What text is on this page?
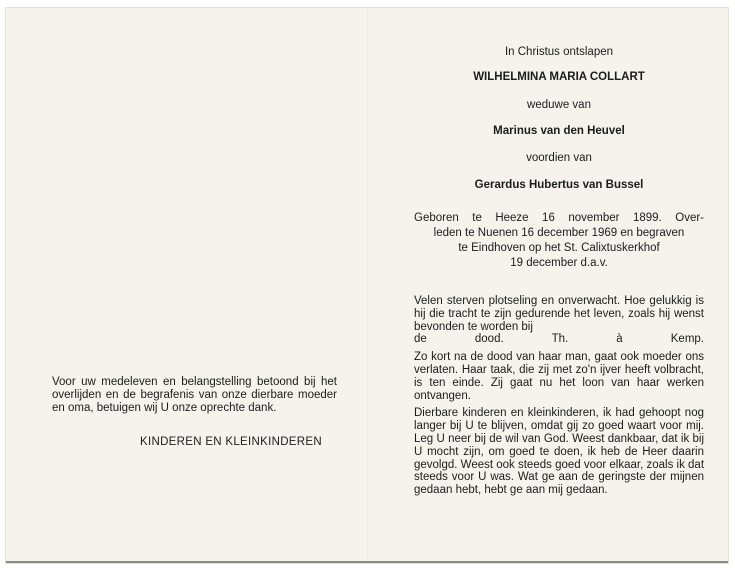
In Christus ontslapen
WILHELMINA MARIA COLLART
weduwe van
Marinus van den Heuvel
voordien van
Gerardus Hubertus van Bussel
Geboren te Heeze 16 november 1899. Over-
leden te Nuenen 16 december 1969 en begraven
te Eindhoven op het St. Calixtuskerkhof
19 december d.a.v.

Velen sterven plotseling en onverwacht. Hoe gelukkig is hij die tracht te zijn gedurende het leven, zoals hij wenst bevonden te worden bij
de dood.	Th. à Kemp.

Zo kort na de dood van haar man, gaat ook moeder ons verlaten. Haar taak, die zij met zo'n ijver heeft volbracht, is ten einde. Zij gaat nu het loon van haar werken ontvangen.

Dierbare kinderen en kleinkinderen, ik had gehoopt nog langer bij U te blijven, omdat gij zo goed waart voor mij. Leg U neer bij de wil van God. Weest dankbaar, dat ik bij U mocht zijn, om goed te doen, ik heb de Heer daarin gevolgd. Weest ook steeds goed voor elkaar, zoals ik dat steeds voor U was. Wat ge aan de geringste der mijnen gedaan hebt, hebt ge aan mij gedaan.

Voor uw medeleven en belangstelling betoond bij het overlijden en de begrafenis van onze dierbare moeder en oma, betuigen wij U onze oprechte dank.
KINDEREN EN KLEINKINDEREN
